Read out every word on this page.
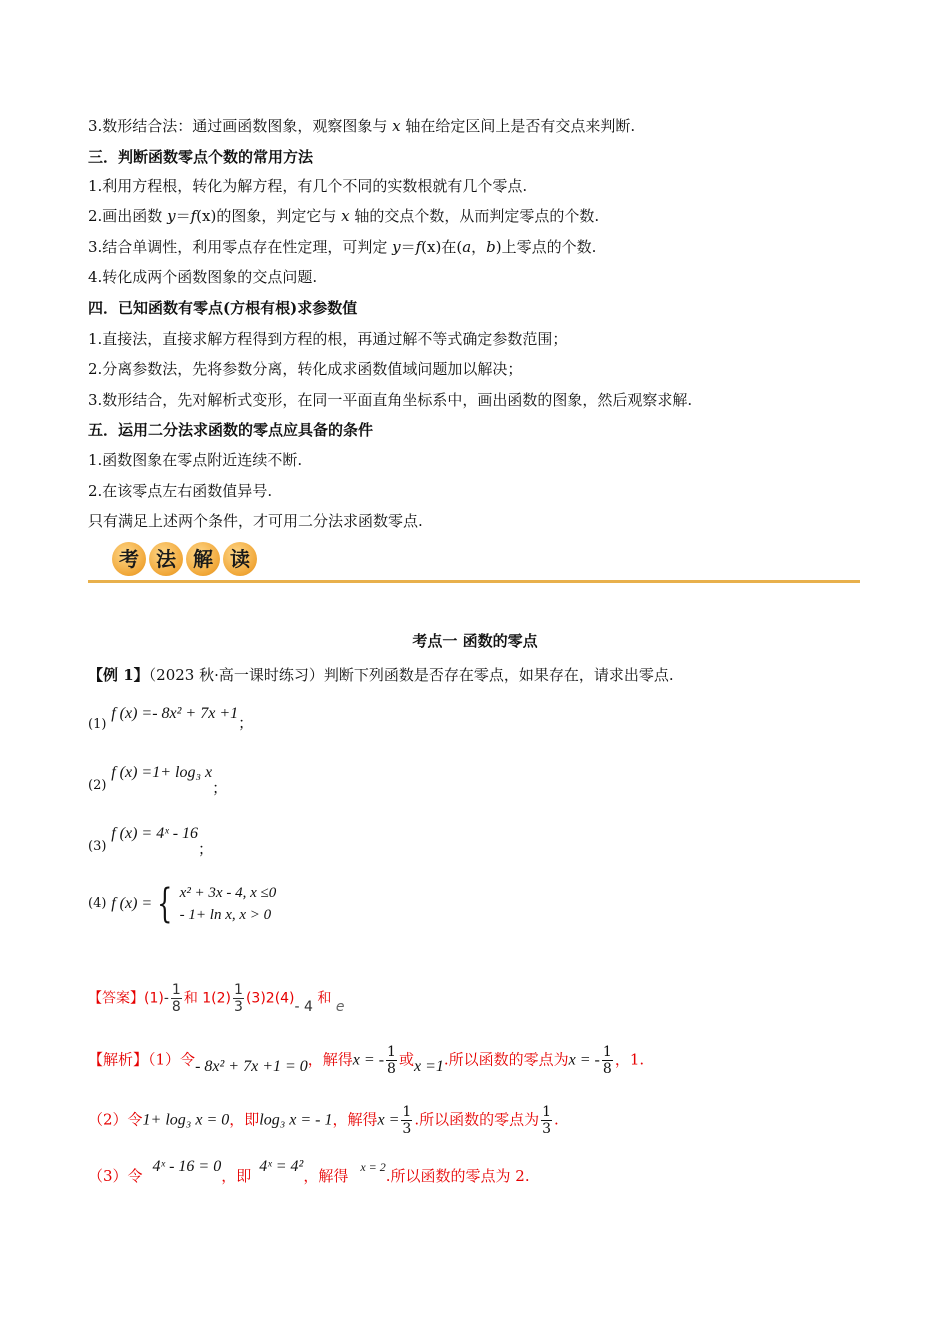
3.数形结合法：通过画函数图象，观察图象与 x 轴在给定区间上是否有交点来判断.
三．判断函数零点个数的常用方法
1.利用方程根，转化为解方程，有几个不同的实数根就有几个零点.
2.画出函数 y＝f(x)的图象，判定它与 x 轴的交点个数，从而判定零点的个数.
3.结合单调性，利用零点存在性定理，可判定 y＝f(x)在(a，b)上零点的个数.
4.转化成两个函数图象的交点问题.
四．已知函数有零点(方根有根)求参数值
1.直接法，直接求解方程得到方程的根，再通过解不等式确定参数范围；
2.分离参数法，先将参数分离，转化成求函数值域问题加以解决；
3.数形结合，先对解析式变形，在同一平面直角坐标系中，画出函数的图象，然后观察求解.
五．运用二分法求函数的零点应具备的条件
1.函数图象在零点附近连续不断.
2.在该零点左右函数值异号.
只有满足上述两个条件，才可用二分法求函数零点.
考 法 解 读
考点一 函数的零点
【例 1】（2023 秋·高一课时练习）判断下列函数是否存在零点，如果存在，请求出零点.
(1) f (x) =- 8x² + 7x +1；
(2) f (x) =1+ log₃ x；
(3) f (x) = 4ˣ - 16；
(4) f (x) = { x² + 3x - 4, x ≤0
- 1+ ln x, x > 0
【答案】$(1)- \frac{1}{8}$ 和 $1(2) \frac{1}{3} (3)2(4)-$ 4 和 e
【解析】（1）令- 8x² + 7x +1 = 0，解得x = - $\frac{1}{8}$ 或x =1.所以函数的零点为x = - $\frac{1}{8}$ ，1.
（2）令1+ log₃ x = 0，即log₃ x = - 1，解得$x = \frac{1}{3}$ .所以函数的零点为 $\frac{1}{3}$ .
（3）令4ˣ - 16 = 0，即4ˣ = 4²，解得 $^{x = 2}$.所以函数的零点为 2.
